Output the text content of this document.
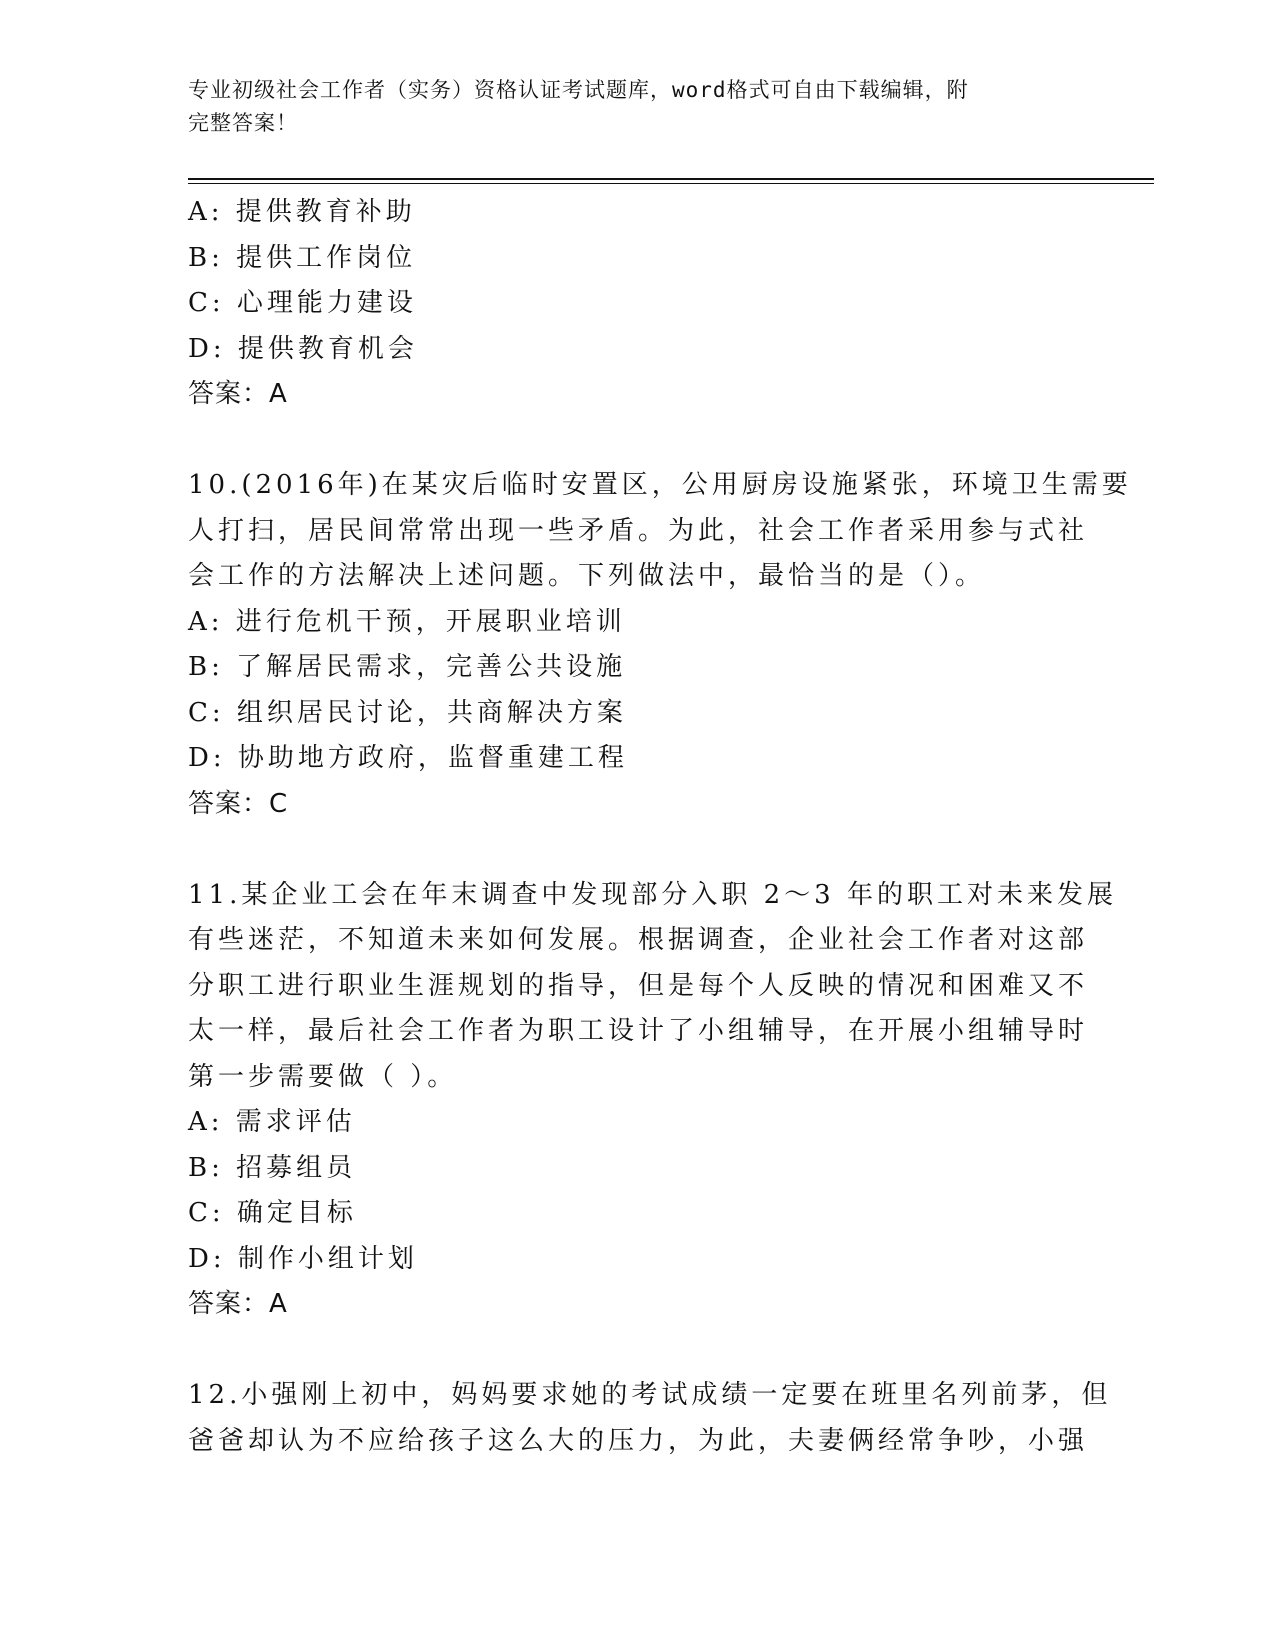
专业初级社会工作者（实务）资格认证考试题库，word格式可自由下载编辑，附
完整答案！
A: 提供教育补助
B: 提供工作岗位
C: 心理能力建设
D: 提供教育机会
答案：A
10.(2016年)在某灾后临时安置区，公用厨房设施紧张，环境卫生需要
人打扫，居民间常常出现一些矛盾。为此，社会工作者采用参与式社
会工作的方法解决上述问题。下列做法中，最恰当的是（）。
A: 进行危机干预，开展职业培训
B: 了解居民需求，完善公共设施
C: 组织居民讨论，共商解决方案
D: 协助地方政府，监督重建工程
答案：C
11.某企业工会在年末调查中发现部分入职 2～3 年的职工对未来发展
有些迷茫，不知道未来如何发展。根据调查，企业社会工作者对这部
分职工进行职业生涯规划的指导，但是每个人反映的情况和困难又不
太一样，最后社会工作者为职工设计了小组辅导，在开展小组辅导时
第一步需要做（ ）。
A: 需求评估
B: 招募组员
C: 确定目标
D: 制作小组计划
答案：A
12.小强刚上初中，妈妈要求她的考试成绩一定要在班里名列前茅，但
爸爸却认为不应给孩子这么大的压力，为此，夫妻俩经常争吵，小强
